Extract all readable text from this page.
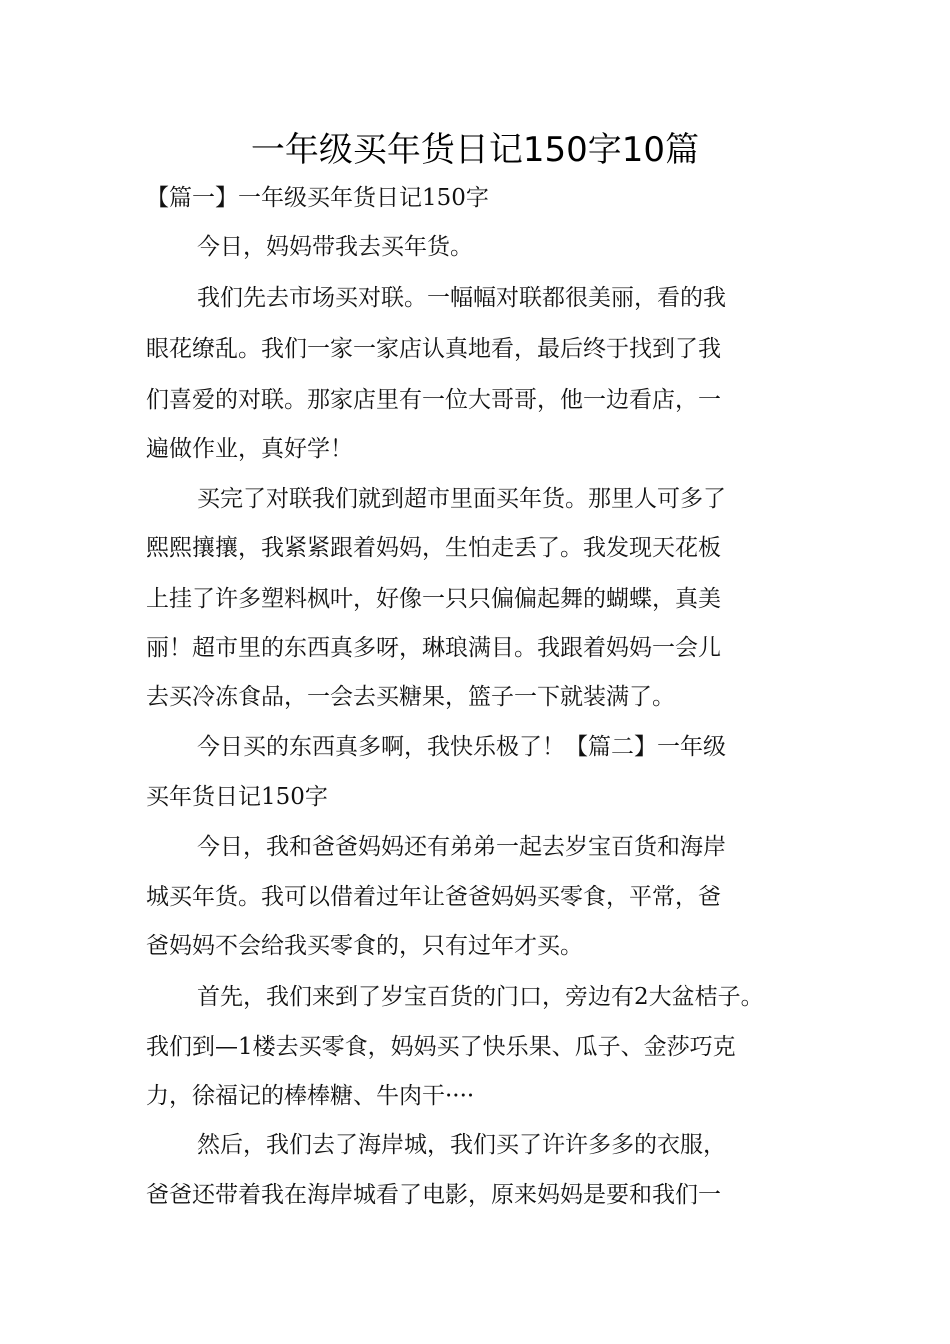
一年级买年货日记150字10篇

【篇一】一年级买年货日记150字

今日，妈妈带我去买年货。

我们先去市场买对联。一幅幅对联都很美丽，看的我

眼花缭乱。我们一家一家店认真地看，最后终于找到了我

们喜爱的对联。那家店里有一位大哥哥，他一边看店，一

遍做作业，真好学！

买完了对联我们就到超市里面买年货。那里人可多了

熙熙攘攘，我紧紧跟着妈妈，生怕走丢了。我发现天花板

上挂了许多塑料枫叶，好像一只只偏偏起舞的蝴蝶，真美

丽！超市里的东西真多呀，琳琅满目。我跟着妈妈一会儿

去买冷冻食品，一会去买糖果，篮子一下就装满了。

今日买的东西真多啊，我快乐极了！【篇二】一年级

买年货日记150字

今日，我和爸爸妈妈还有弟弟一起去岁宝百货和海岸

城买年货。我可以借着过年让爸爸妈妈买零食，平常，爸

爸妈妈不会给我买零食的，只有过年才买。

首先，我们来到了岁宝百货的门口，旁边有2大盆桔子。

我们到—1楼去买零食，妈妈买了快乐果、瓜子、金莎巧克

力，徐福记的棒棒糖、牛肉干····

然后，我们去了海岸城，我们买了许许多多的衣服，

爸爸还带着我在海岸城看了电影，原来妈妈是要和我们一
